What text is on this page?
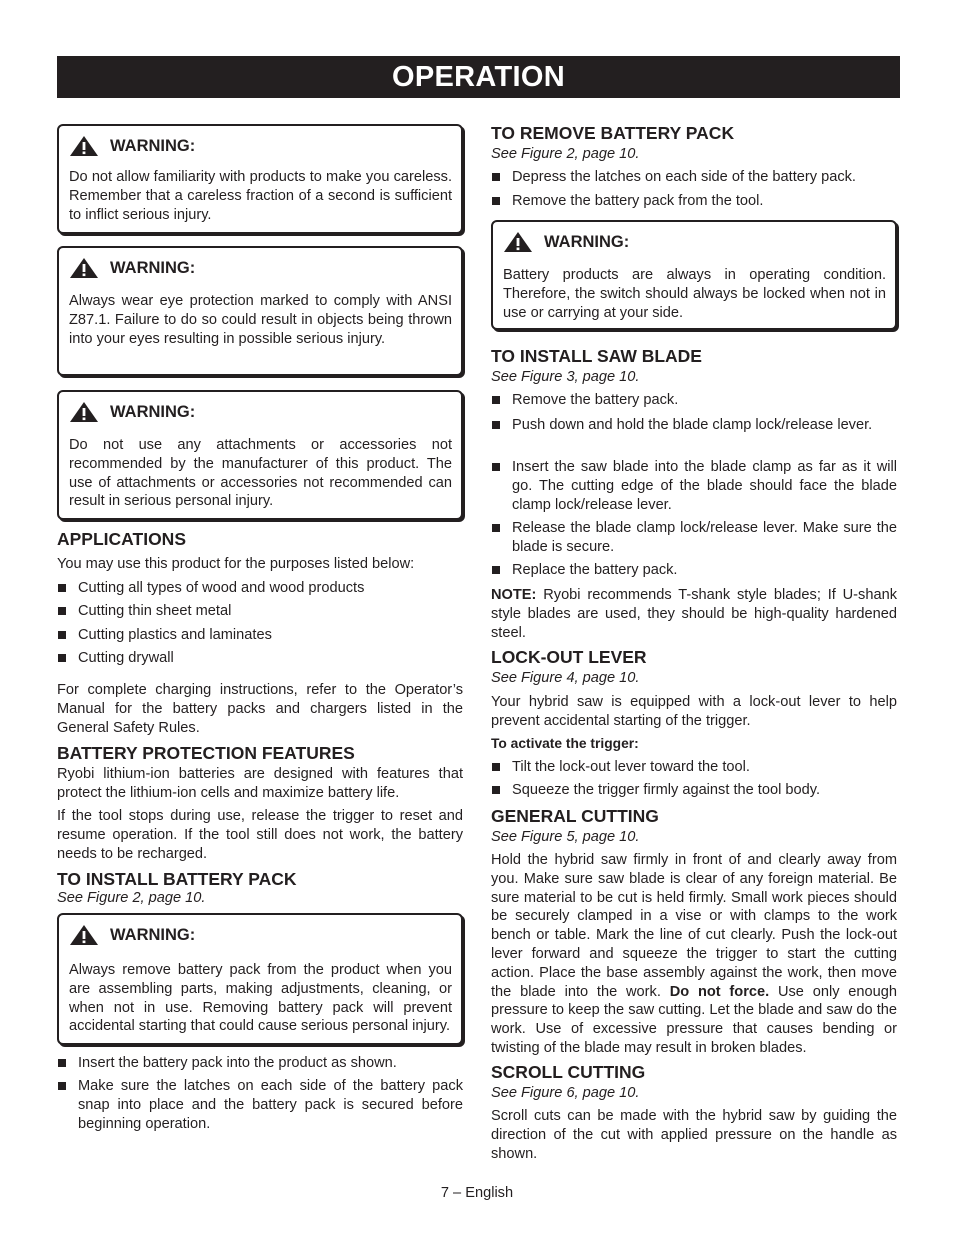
OPERATION
WARNING:
Do not allow familiarity with products to make you careless. Remember that a careless fraction of a second is sufficient to inflict serious injury.
WARNING:
Always wear eye protection marked to comply with ANSI Z87.1. Failure to do so could result in objects being thrown into your eyes resulting in possible serious injury.
WARNING:
Do not use any attachments or accessories not recommended by the manufacturer of this product. The use of attachments or accessories not recommended can result in serious personal injury.
APPLICATIONS
You may use this product for the purposes listed below:
Cutting all types of wood and wood products
Cutting thin sheet metal
Cutting plastics and laminates
Cutting drywall
For complete charging instructions, refer to the Operator’s Manual for the battery packs and chargers listed in the General Safety Rules.
BATTERY PROTECTION FEATURES
Ryobi lithium-ion batteries are designed with features that protect the lithium-ion cells and maximize battery life.
If the tool stops during use, release the trigger to reset and resume operation. If the tool still does not work, the battery needs to be recharged.
TO INSTALL BATTERY PACK
See Figure 2, page 10.
WARNING:
Always remove battery pack from the product when you are assembling parts, making adjustments, cleaning, or when not in use. Removing battery pack will prevent accidental starting that could cause serious personal injury.
Insert the battery pack into the product as shown.
Make sure the latches on each side of the battery pack snap into place and the battery pack is secured before beginning operation.
TO REMOVE BATTERY PACK
See Figure 2, page 10.
Depress the latches on each side of the battery pack.
Remove the battery pack from the tool.
WARNING:
Battery products are always in operating condition. Therefore, the switch should always be locked when not in use or carrying at your side.
TO INSTALL SAW BLADE
See Figure 3, page 10.
Remove the battery pack.
Push down and hold the blade clamp lock/release lever.
Insert the saw blade into the blade clamp as far as it will go. The cutting edge of the blade should face the blade clamp lock/release lever.
Release the blade clamp lock/release lever. Make sure the blade is secure.
Replace the battery pack.
NOTE: Ryobi recommends T-shank style blades; If U-shank style blades are used, they should be high-quality hardened steel.
LOCK-OUT LEVER
See Figure 4, page 10.
Your hybrid saw is equipped with a lock-out lever to help prevent accidental starting of the trigger.
To activate the trigger:
Tilt the lock-out lever toward the tool.
Squeeze the trigger firmly against the tool body.
GENERAL CUTTING
See Figure 5, page 10.
Hold the hybrid saw firmly in front of and clearly away from you. Make sure saw blade is clear of any foreign material. Be sure material to be cut is held firmly. Small work pieces should be securely clamped in a vise or with clamps to the work bench or table. Mark the line of cut clearly. Push the lock-out lever forward and squeeze the trigger to start the cutting action. Place the base assembly against the work, then move the blade into the work. Do not force. Use only enough pressure to keep the saw cutting. Let the blade and saw do the work. Use of excessive pressure that causes bending or twisting of the blade may result in broken blades.
SCROLL CUTTING
See Figure 6, page 10.
Scroll cuts can be made with the hybrid saw by guiding the direction of the cut with applied pressure on the handle as shown.
7 – English
